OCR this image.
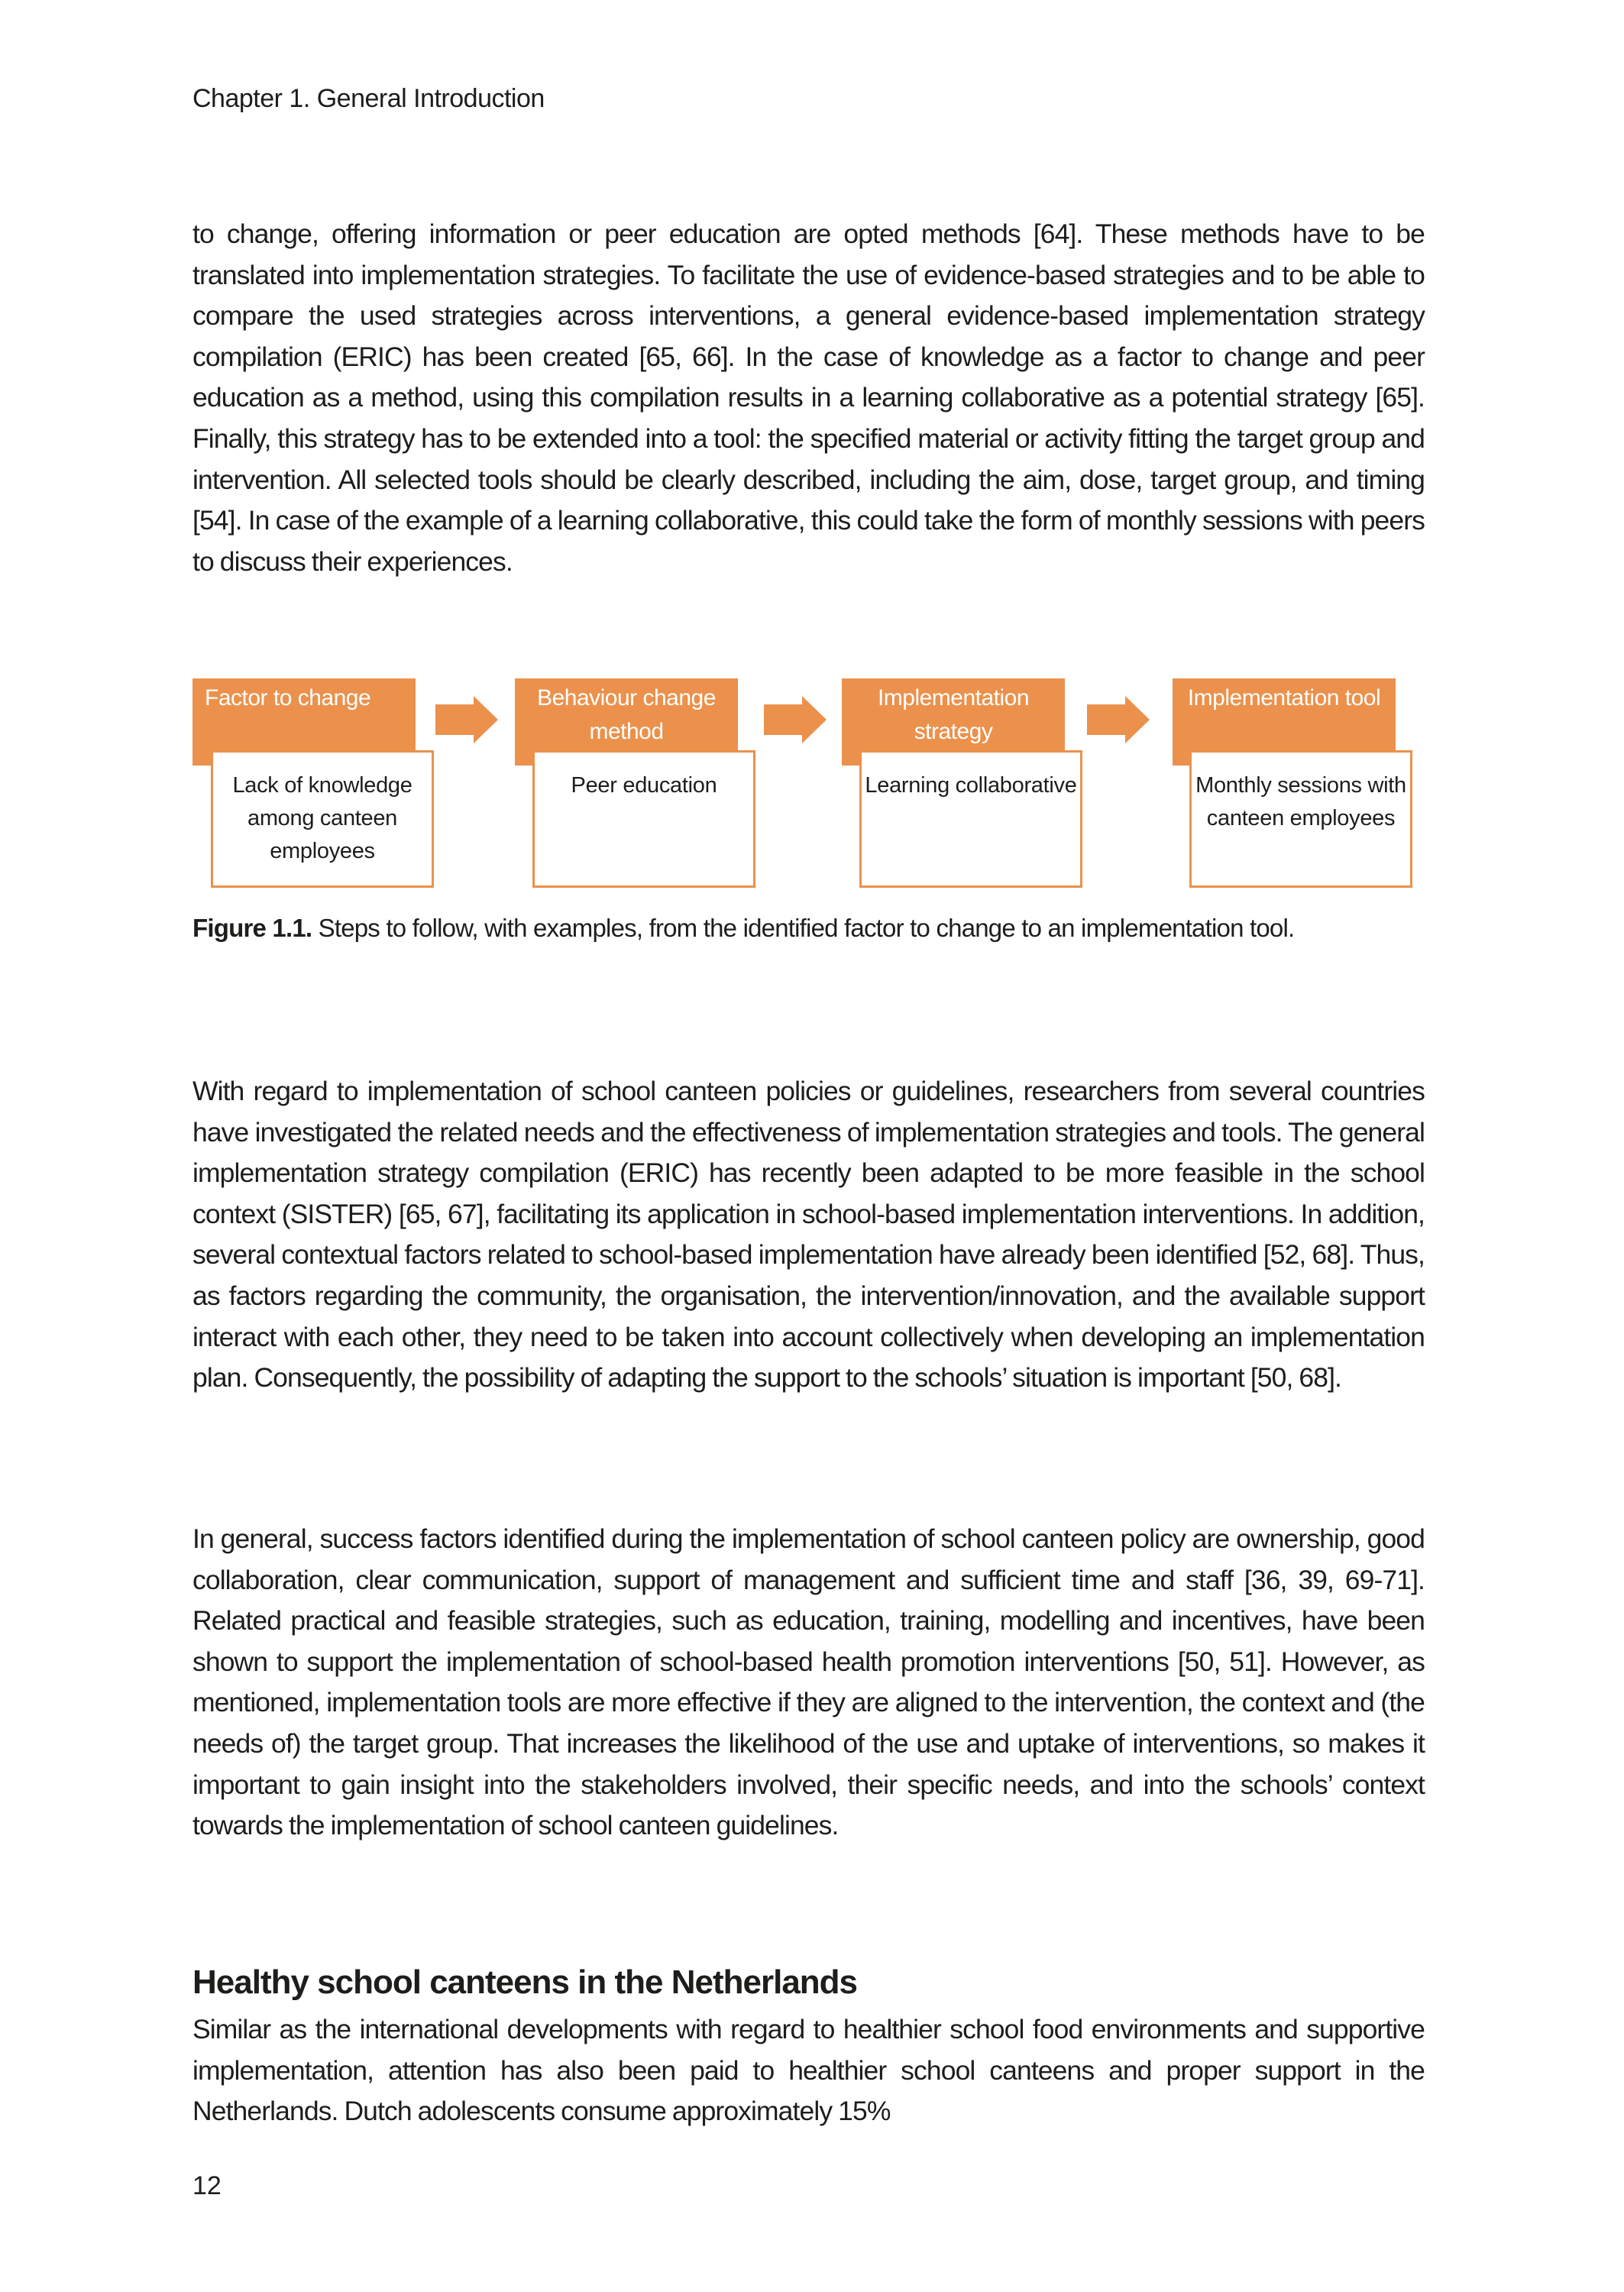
Chapter 1. General Introduction

to change, offering information or peer education are opted methods [64]. These methods have to be translated into implementation strategies. To facilitate the use of evidence-based strategies and to be able to compare the used strategies across interventions, a general evidence-based implementation strategy compilation (ERIC) has been created [65, 66]. In the case of knowledge as a factor to change and peer education as a method, using this compilation results in a learning collaborative as a potential strategy [65]. Finally, this strategy has to be extended into a tool: the specified material or activity fitting the target group and intervention. All selected tools should be clearly described, including the aim, dose, target group, and timing [54]. In case of the example of a learning collaborative, this could take the form of monthly sessions with peers to discuss their experiences.

Factor to change
Lack of knowledge among canteen employees
Behaviour change method
Peer education
Implementation strategy
Learning collaborative
Implementation tool
Monthly sessions with canteen employees

Figure 1.1. Steps to follow, with examples, from the identified factor to change to an implementation tool.

With regard to implementation of school canteen policies or guidelines, researchers from several countries have investigated the related needs and the effectiveness of implementation strategies and tools. The general implementation strategy compilation (ERIC) has recently been adapted to be more feasible in the school context (SISTER) [65, 67], facilitating its application in school-based implementation interventions. In addition, several contextual factors related to school-based implementation have already been identified [52, 68]. Thus, as factors regarding the community, the organisation, the intervention/innovation, and the available support interact with each other, they need to be taken into account collectively when developing an implementation plan. Consequently, the possibility of adapting the support to the schools’ situation is important [50, 68].

In general, success factors identified during the implementation of school canteen policy are ownership, good collaboration, clear communication, support of management and sufficient time and staff [36, 39, 69-71]. Related practical and feasible strategies, such as education, training, modelling and incentives, have been shown to support the implementation of school-based health promotion interventions [50, 51]. However, as mentioned, implementation tools are more effective if they are aligned to the intervention, the context and (the needs of) the target group. That increases the likelihood of the use and uptake of interventions, so makes it important to gain insight into the stakeholders involved, their specific needs, and into the schools’ context towards the implementation of school canteen guidelines.

Healthy school canteens in the Netherlands

Similar as the international developments with regard to healthier school food environments and supportive implementation, attention has also been paid to healthier school canteens and proper support in the Netherlands. Dutch adolescents consume approximately 15%

12
